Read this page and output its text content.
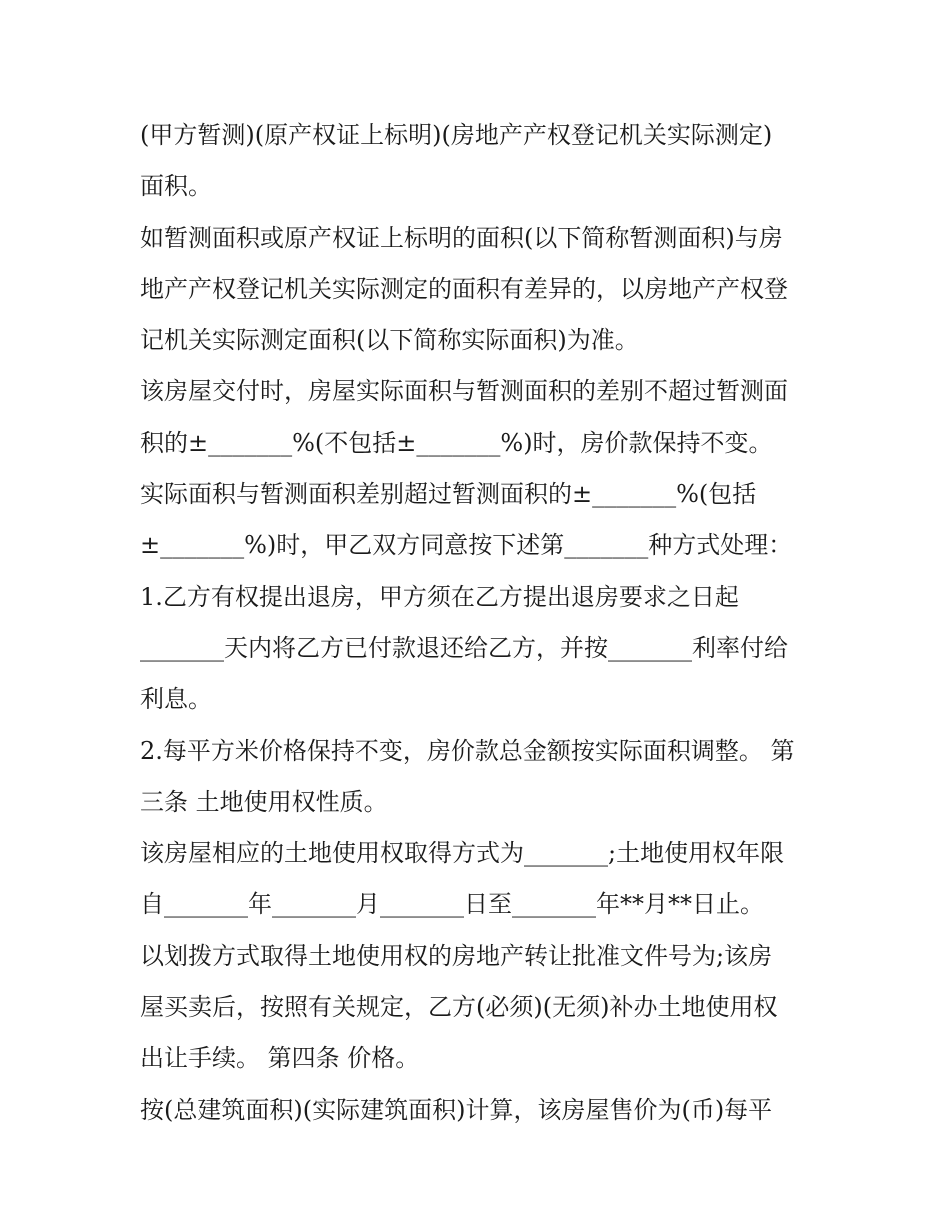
(甲方暂测)(原产权证上标明)(房地产产权登记机关实际测定)
面积。
如暂测面积或原产权证上标明的面积(以下简称暂测面积)与房
地产产权登记机关实际测定的面积有差异的，以房地产产权登
记机关实际测定面积(以下简称实际面积)为准。
该房屋交付时，房屋实际面积与暂测面积的差别不超过暂测面
积的±_______%(不包括±_______%)时，房价款保持不变。
实际面积与暂测面积差别超过暂测面积的±_______%(包括
±_______%)时，甲乙双方同意按下述第_______种方式处理：
1.乙方有权提出退房，甲方须在乙方提出退房要求之日起
_______天内将乙方已付款退还给乙方，并按_______利率付给
利息。
2.每平方米价格保持不变，房价款总金额按实际面积调整。 第
三条 土地使用权性质。
该房屋相应的土地使用权取得方式为_______;土地使用权年限
自_______年_______月_______日至_______年**月**日止。
以划拨方式取得土地使用权的房地产转让批准文件号为;该房
屋买卖后，按照有关规定，乙方(必须)(无须)补办土地使用权
出让手续。 第四条 价格。
按(总建筑面积)(实际建筑面积)计算，该房屋售价为(币)每平
